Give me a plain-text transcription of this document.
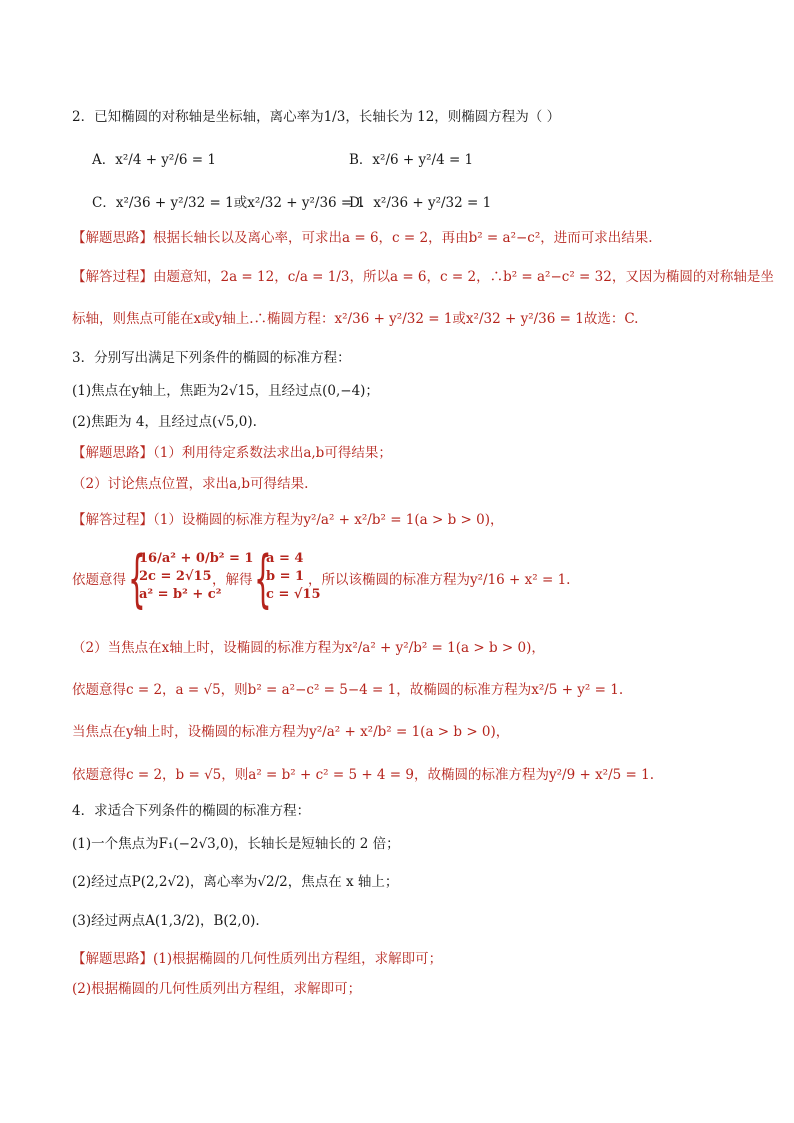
2．已知椭圆的对称轴是坐标轴，离心率为1/3，长轴长为 12，则椭圆方程为（ ）
A．x²/4 + y²/6 = 1	B．x²/6 + y²/4 = 1
C．x²/36 + y²/32 = 1或x²/32 + y²/36 = 1
D．x²/36 + y²/32 = 1
【解题思路】根据长轴长以及离心率，可求出a = 6，c = 2，再由b² = a²−c²，进而可求出结果.
【解答过程】由题意知，2a = 12，c/a = 1/3，所以a = 6，c = 2，∴b² = a²−c² = 32，又因为椭圆的对称轴是坐
标轴，则焦点可能在x或y轴上.∴椭圆方程：x²/36 + y²/32 = 1或x²/32 + y²/36 = 1故选：C.
3．分别写出满足下列条件的椭圆的标准方程：
(1)焦点在y轴上，焦距为2√15，且经过点(0,−4)；
(2)焦距为 4，且经过点(√5,0).
【解题思路】（1）利用待定系数法求出a,b可得结果；
（2）讨论焦点位置，求出a,b可得结果.
【解答过程】（1）设椭圆的标准方程为y²/a² + x²/b² = 1(a > b > 0)，
依题意得 {
16/a² + 0/b² = 1
2c = 2√15
a² = b² + c²
，解得 {
a = 4
b = 1
c = √15
，所以该椭圆的标准方程为y²/16 + x² = 1.
（2）当焦点在x轴上时，设椭圆的标准方程为x²/a² + y²/b² = 1(a > b > 0)，
依题意得c = 2，a = √5，则b² = a²−c² = 5−4 = 1，故椭圆的标准方程为x²/5 + y² = 1.
当焦点在y轴上时，设椭圆的标准方程为y²/a² + x²/b² = 1(a > b > 0)，
依题意得c = 2，b = √5，则a² = b² + c² = 5 + 4 = 9，故椭圆的标准方程为y²/9 + x²/5 = 1.
4．求适合下列条件的椭圆的标准方程：
(1)一个焦点为F₁(−2√3,0)，长轴长是短轴长的 2 倍；
(2)经过点P(2,2√2)，离心率为√2/2，焦点在 x 轴上；
(3)经过两点A(1,3/2)，B(2,0).
【解题思路】(1)根据椭圆的几何性质列出方程组，求解即可；
(2)根据椭圆的几何性质列出方程组，求解即可；
